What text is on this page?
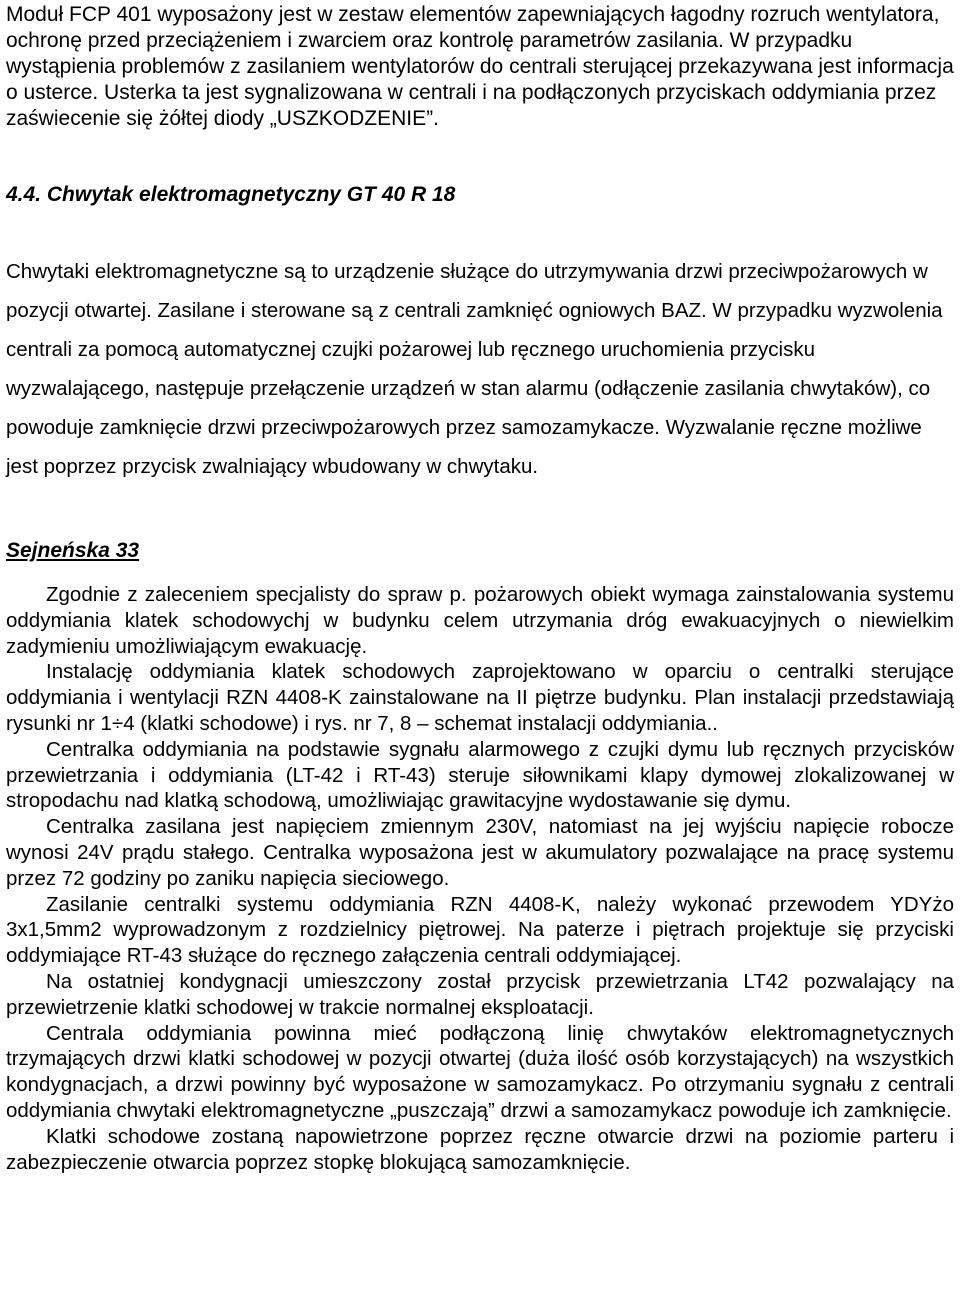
Moduł FCP 401 wyposażony jest w zestaw elementów zapewniających łagodny rozruch wentylatora, ochronę przed przeciążeniem i zwarciem oraz kontrolę parametrów zasilania. W przypadku wystąpienia problemów z zasilaniem wentylatorów do centrali sterującej przekazywana jest informacja o usterce. Usterka ta jest sygnalizowana w centrali i na podłączonych przyciskach oddymiania przez zaświecenie się żółtej diody „USZKODZENIE”.

4.4. Chwytak elektromagnetyczny GT 40 R 18

Chwytaki elektromagnetyczne są to urządzenie służące do utrzymywania drzwi przeciwpożarowych w pozycji otwartej. Zasilane i sterowane są z centrali zamknięć ogniowych BAZ. W przypadku wyzwolenia centrali za pomocą automatycznej czujki pożarowej lub ręcznego uruchomienia przycisku wyzwalającego, następuje przełączenie urządzeń w stan alarmu (odłączenie zasilania chwytaków), co powoduje zamknięcie drzwi przeciwpożarowych przez samozamykacze. Wyzwalanie ręczne możliwe jest poprzez przycisk zwalniający wbudowany w chwytaku.

Sejneńska 33

Zgodnie z zaleceniem specjalisty do spraw p. pożarowych obiekt wymaga zainstalowania systemu oddymiania klatek schodowychj w budynku celem utrzymania dróg ewakuacyjnych o niewielkim zadymieniu umożliwiającym ewakuację.

Instalację oddymiania klatek schodowych zaprojektowano w oparciu o centralki sterujące oddymiania i wentylacji RZN 4408-K zainstalowane na II piętrze budynku. Plan instalacji przedstawiają rysunki nr 1÷4 (klatki schodowe) i rys. nr 7, 8 – schemat instalacji oddymiania..

Centralka oddymiania na podstawie sygnału alarmowego z czujki dymu lub ręcznych przycisków przewietrzania i oddymiania (LT-42 i RT-43) steruje siłownikami klapy dymowej zlokalizowanej w stropodachu nad klatką schodową, umożliwiając grawitacyjne wydostawanie się dymu.

Centralka zasilana jest napięciem zmiennym 230V, natomiast na jej wyjściu napięcie robocze wynosi 24V prądu stałego. Centralka wyposażona jest w akumulatory pozwalające na pracę systemu przez 72 godziny po zaniku napięcia sieciowego.

Zasilanie centralki systemu oddymiania RZN 4408-K, należy wykonać przewodem YDYżo 3x1,5mm2 wyprowadzonym z rozdzielnicy piętrowej. Na paterze i piętrach projektuje się przyciski oddymiające RT-43 służące do ręcznego załączenia centrali oddymiającej.

Na ostatniej kondygnacji umieszczony został przycisk przewietrzania LT42 pozwalający na przewietrzenie klatki schodowej w trakcie normalnej eksploatacji.

Centrala oddymiania powinna mieć podłączoną linię chwytaków elektromagnetycznych trzymających drzwi klatki schodowej w pozycji otwartej (duża ilość osób korzystających) na wszystkich kondygnacjach, a drzwi powinny być wyposażone w samozamykacz. Po otrzymaniu sygnału z centrali oddymiania chwytaki elektromagnetyczne „puszczają” drzwi a samozamykacz powoduje ich zamknięcie.

Klatki schodowe zostaną napowietrzone poprzez ręczne otwarcie drzwi na poziomie parteru i zabezpieczenie otwarcia poprzez stopkę blokującą samozamknięcie.
